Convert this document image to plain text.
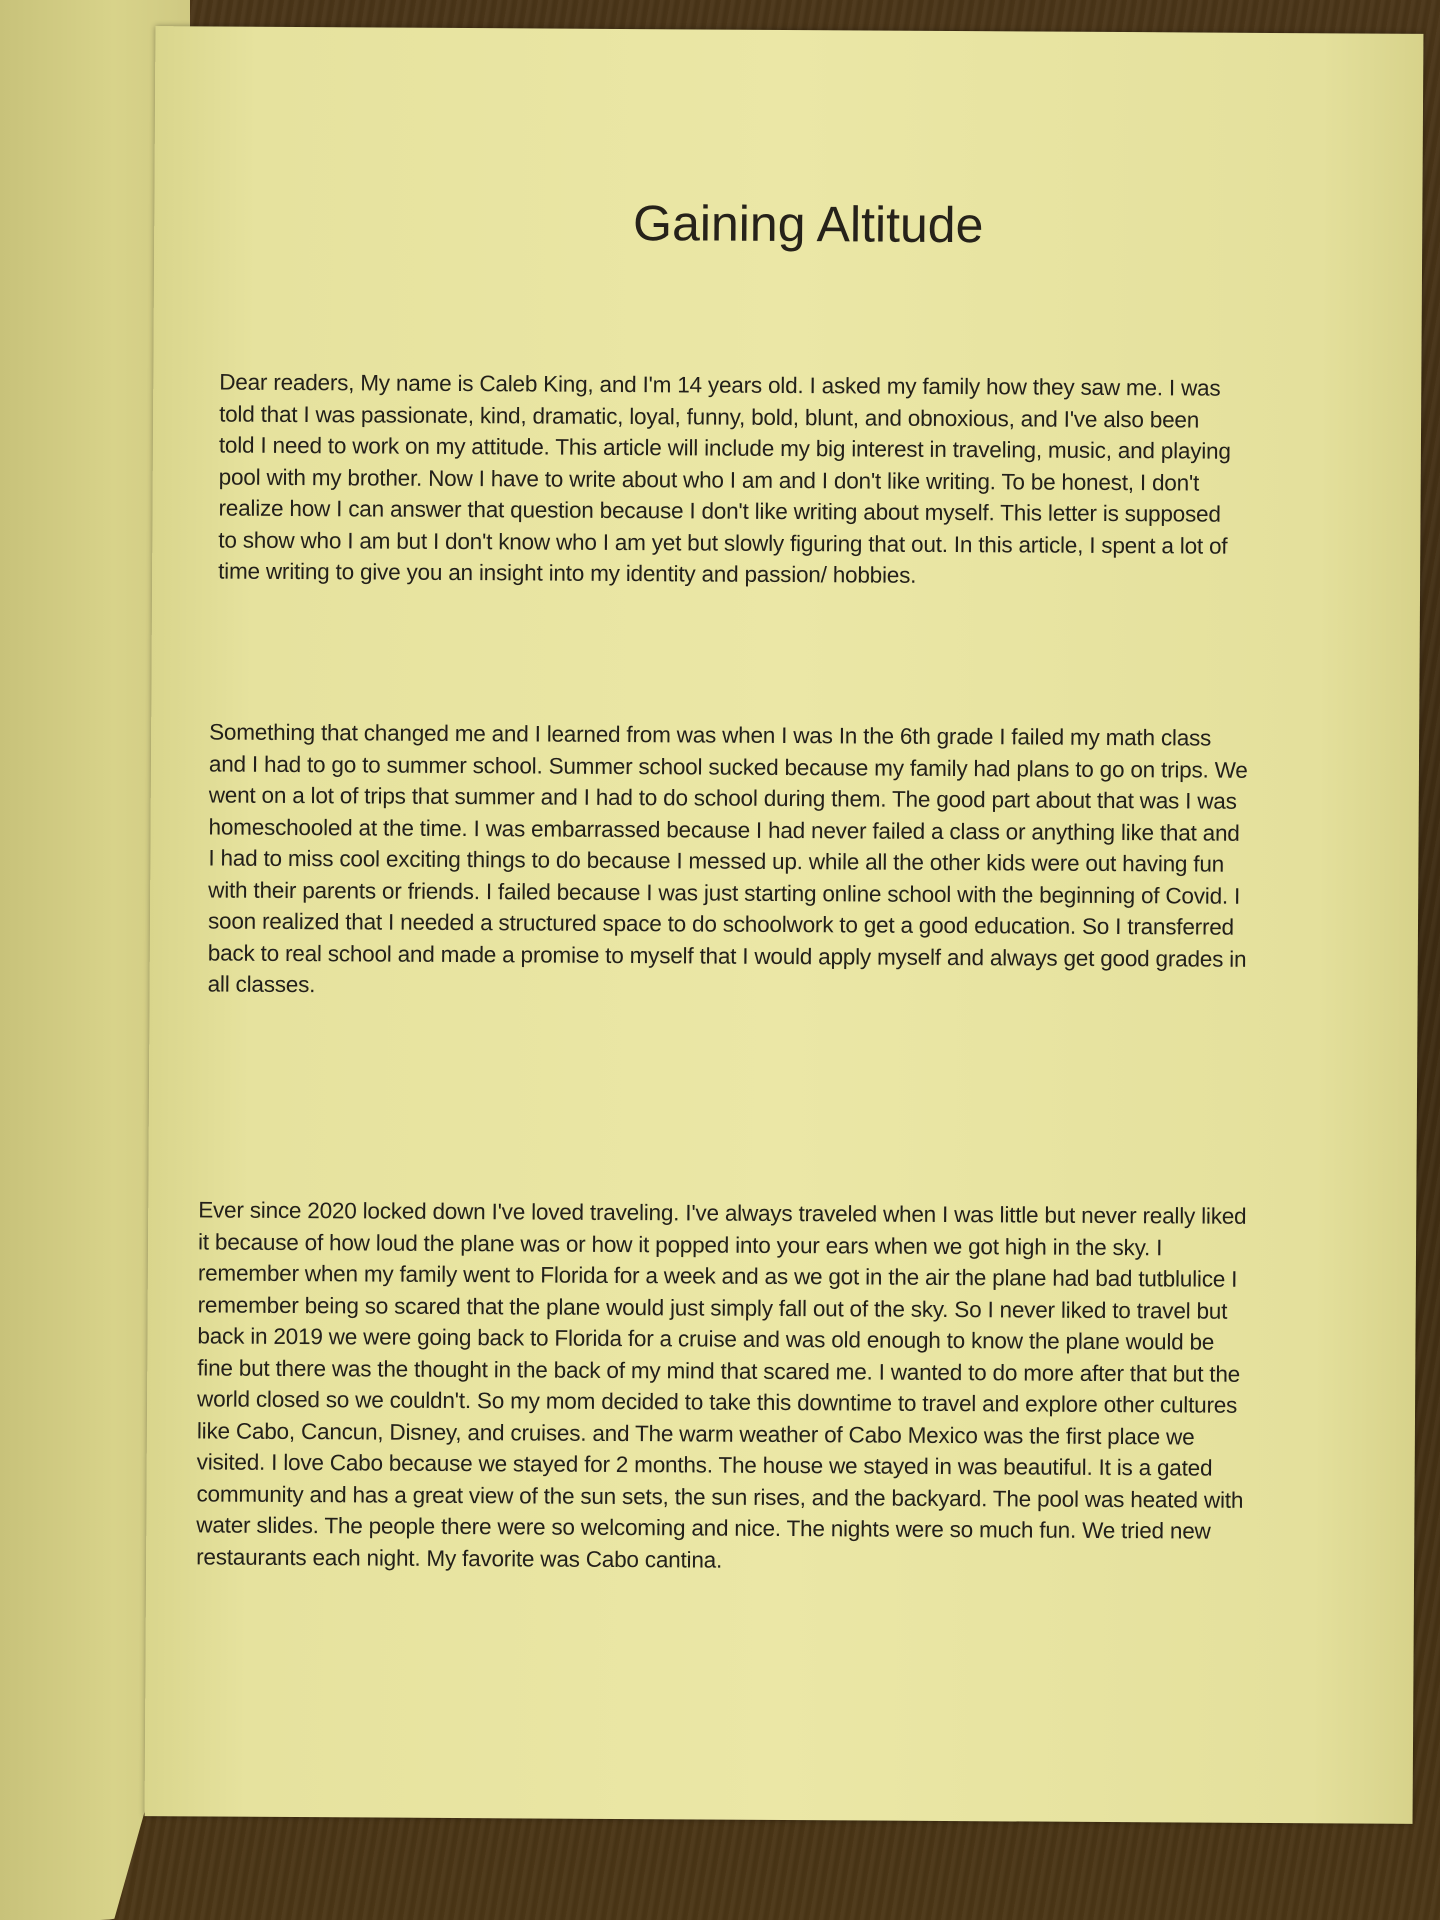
Gaining Altitude

Dear readers, My name is Caleb King, and I'm 14 years old. I asked my family how they saw me. I was told that I was passionate, kind, dramatic, loyal, funny, bold, blunt, and obnoxious, and I've also been told I need to work on my attitude. This article will include my big interest in traveling, music, and playing pool with my brother. Now I have to write about who I am and I don't like writing. To be honest, I don't realize how I can answer that question because I don't like writing about myself. This letter is supposed to show who I am but I don't know who I am yet but slowly figuring that out. In this article, I spent a lot of time writing to give you an insight into my identity and passion/ hobbies.

Something that changed me and I learned from was when I was In the 6th grade I failed my math class and I had to go to summer school. Summer school sucked because my family had plans to go on trips. We went on a lot of trips that summer and I had to do school during them. The good part about that was I was homeschooled at the time. I was embarrassed because I had never failed a class or anything like that and I had to miss cool exciting things to do because I messed up. while all the other kids were out having fun with their parents or friends. I failed because I was just starting online school with the beginning of Covid. I soon realized that I needed a structured space to do schoolwork to get a good education. So I transferred back to real school and made a promise to myself that I would apply myself and always get good grades in all classes.

Ever since 2020 locked down I've loved traveling. I've always traveled when I was little but never really liked it because of how loud the plane was or how it popped into your ears when we got high in the sky. I remember when my family went to Florida for a week and as we got in the air the plane had bad tutblulice I remember being so scared that the plane would just simply fall out of the sky. So I never liked to travel but back in 2019 we were going back to Florida for a cruise and was old enough to know the plane would be fine but there was the thought in the back of my mind that scared me. I wanted to do more after that but the world closed so we couldn't. So my mom decided to take this downtime to travel and explore other cultures like Cabo, Cancun, Disney, and cruises. and The warm weather of Cabo Mexico was the first place we visited. I love Cabo because we stayed for 2 months. The house we stayed in was beautiful. It is a gated community and has a great view of the sun sets, the sun rises, and the backyard. The pool was heated with water slides. The people there were so welcoming and nice. The nights were so much fun. We tried new restaurants each night. My favorite was Cabo cantina.
